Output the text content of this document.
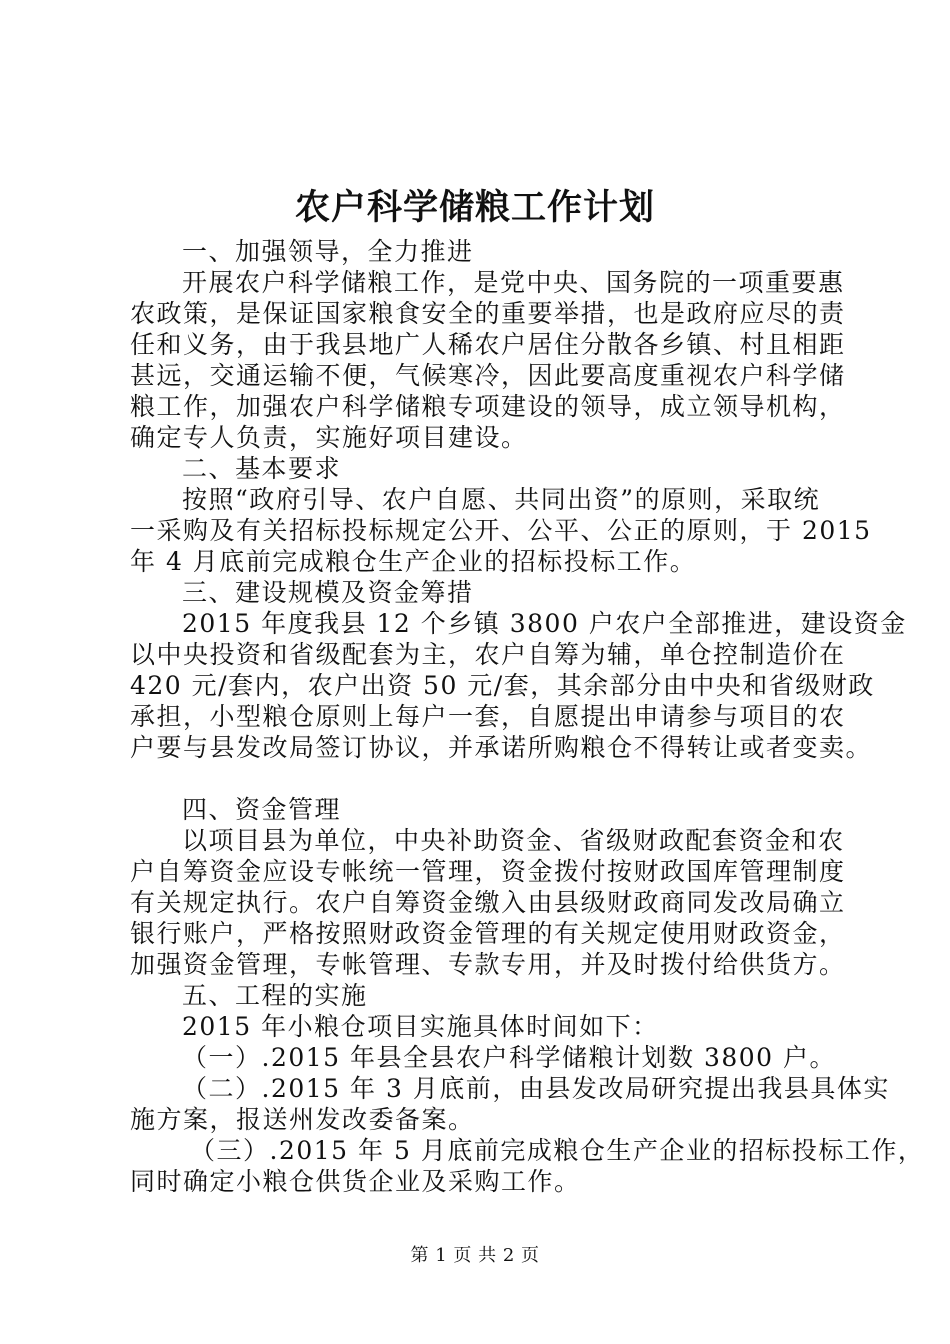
农户科学储粮工作计划
一、加强领导，全力推进
开展农户科学储粮工作，是党中央、国务院的一项重要惠
农政策，是保证国家粮食安全的重要举措，也是政府应尽的责
任和义务，由于我县地广人稀农户居住分散各乡镇、村且相距
甚远，交通运输不便，气候寒冷，因此要高度重视农户科学储
粮工作，加强农户科学储粮专项建设的领导，成立领导机构，
确定专人负责，实施好项目建设。
二、基本要求
按照“政府引导、农户自愿、共同出资”的原则，采取统
一采购及有关招标投标规定公开、公平、公正的原则，于 2015
年 4 月底前完成粮仓生产企业的招标投标工作。
三、建设规模及资金筹措
2015 年度我县 12 个乡镇 3800 户农户全部推进，建设资金
以中央投资和省级配套为主，农户自筹为辅，单仓控制造价在
420 元/套内，农户出资 50 元/套，其余部分由中央和省级财政
承担，小型粮仓原则上每户一套，自愿提出申请参与项目的农
户要与县发改局签订协议，并承诺所购粮仓不得转让或者变卖。
四、资金管理
以项目县为单位，中央补助资金、省级财政配套资金和农
户自筹资金应设专帐统一管理，资金拨付按财政国库管理制度
有关规定执行。农户自筹资金缴入由县级财政商同发改局确立
银行账户，严格按照财政资金管理的有关规定使用财政资金，
加强资金管理，专帐管理、专款专用，并及时拨付给供货方。
五、工程的实施
2015 年小粮仓项目实施具体时间如下：
（一）.2015 年县全县农户科学储粮计划数 3800 户。
（二）.2015 年 3 月底前，由县发改局研究提出我县具体实
施方案，报送州发改委备案。
（三）.2015 年 5 月底前完成粮仓生产企业的招标投标工作，
同时确定小粮仓供货企业及采购工作。
第 1 页 共 2 页
